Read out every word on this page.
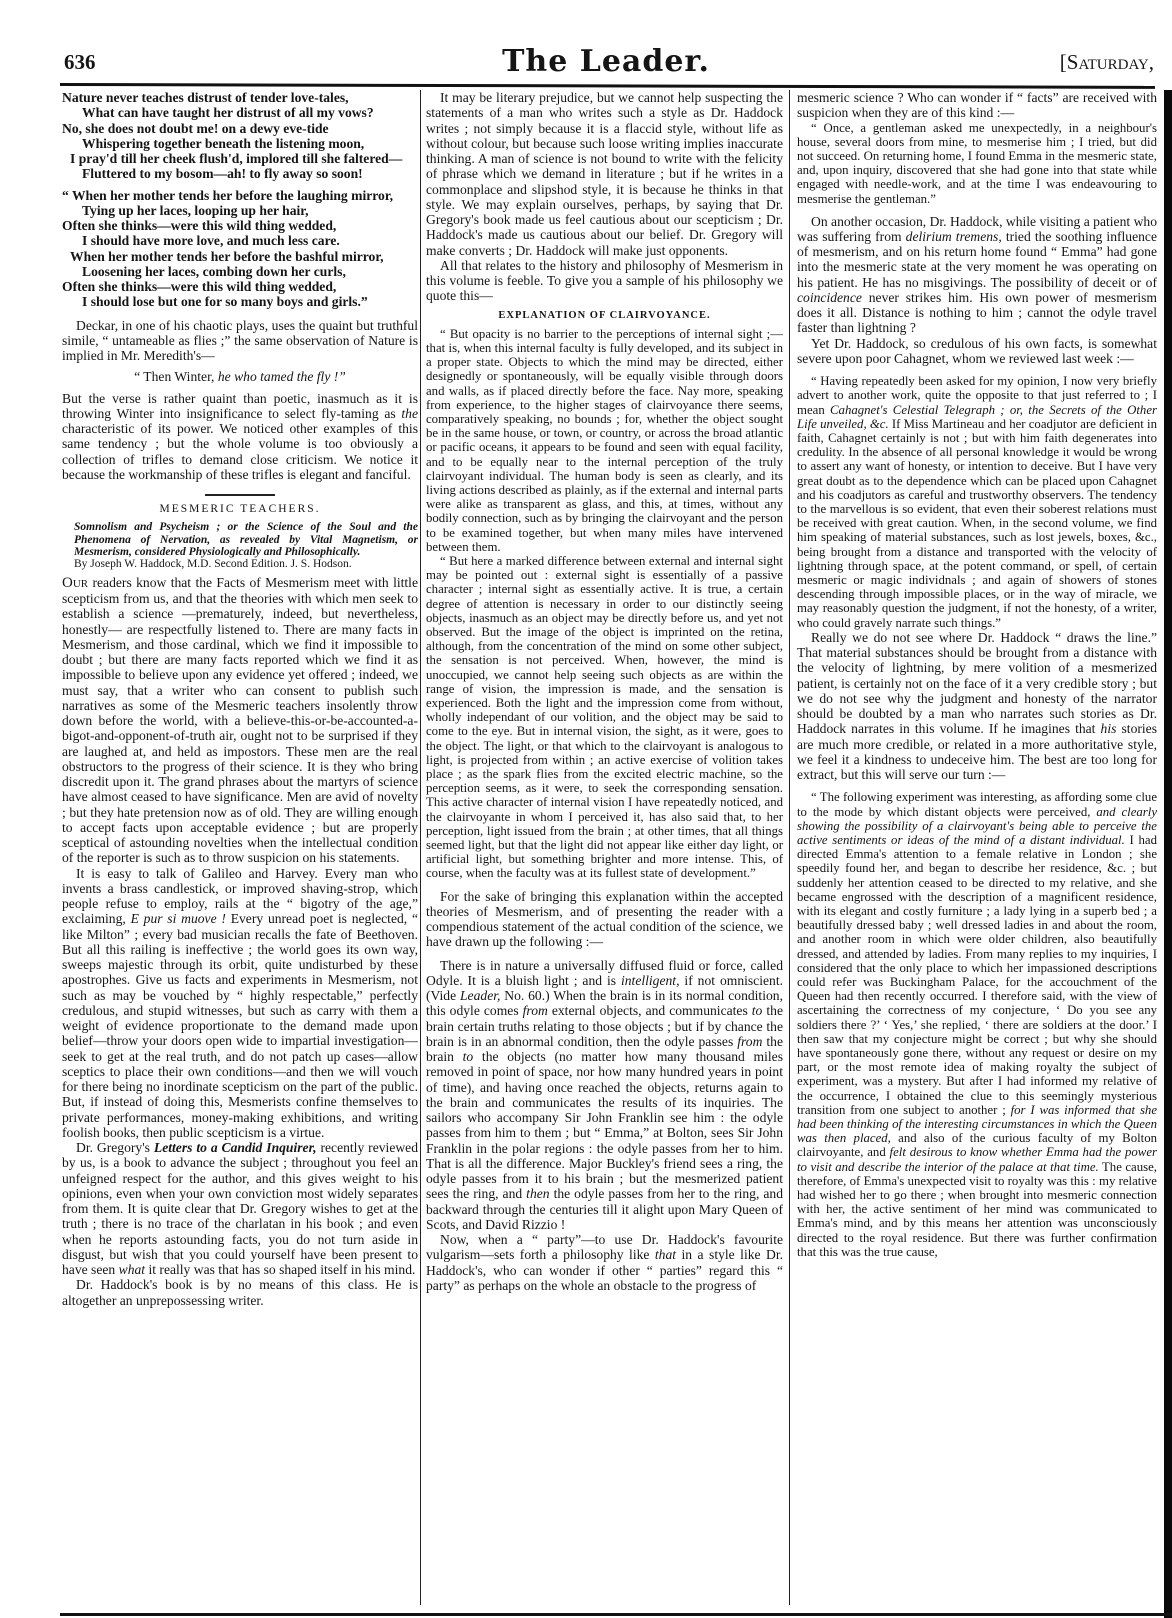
636	The Leader.	[Saturday,
Nature never teaches distrust of tender love-tales,
What can have taught her distrust of all my vows?
No, she does not doubt me! on a dewy eve-tide
Whispering together beneath the listening moon,
I pray'd till her cheek flush'd, implored till she faltered—
Fluttered to my bosom—ah! to fly away so soon!
“ When her mother tends her before the laughing mirror,
Tying up her laces, looping up her hair,
Often she thinks—were this wild thing wedded,
I should have more love, and much less care.
When her mother tends her before the bashful mirror,
Loosening her laces, combing down her curls,
Often she thinks—were this wild thing wedded,
I should lose but one for so many boys and girls.”

Deckar, in one of his chaotic plays, uses the quaint but truthful simile, “ untameable as flies ;” the same observation of Nature is implied in Mr. Meredith's—

“ Then Winter, he who tamed the fly !”

But the verse is rather quaint than poetic, inasmuch as it is throwing Winter into insignificance to select fly-taming as the characteristic of its power. We noticed other examples of this same tendency ; but the whole volume is too obviously a collection of trifles to demand close criticism. We notice it because the workmanship of these trifles is elegant and fanciful.

MESMERIC TEACHERS.
Somnolism and Psycheism ; or the Science of the Soul and the Phenomena of Nervation, as revealed by Vital Magnetism, or Mesmerism, considered Physiologically and Philosophically.
By Joseph W. Haddock, M.D. Second Edition. J. S. Hodson.

Our readers know that the Facts of Mesmerism meet with little scepticism from us, and that the theories with which men seek to establish a science —prematurely, indeed, but nevertheless, honestly— are respectfully listened to. There are many facts in Mesmerism, and those cardinal, which we find it impossible to doubt ; but there are many facts reported which we find it as impossible to believe upon any evidence yet offered ; indeed, we must say, that a writer who can consent to publish such narratives as some of the Mesmeric teachers insolently throw down before the world, with a believe-this-or-be-accounted-a-bigot-and-opponent-of-truth air, ought not to be surprised if they are laughed at, and held as impostors. These men are the real obstructors to the progress of their science. It is they who bring discredit upon it. The grand phrases about the martyrs of science have almost ceased to have significance. Men are avid of novelty ; but they hate pretension now as of old. They are willing enough to accept facts upon acceptable evidence ; but are properly sceptical of astounding novelties when the intellectual condition of the reporter is such as to throw suspicion on his statements.

It is easy to talk of Galileo and Harvey. Every man who invents a brass candlestick, or improved shaving-strop, which people refuse to employ, rails at the “ bigotry of the age,” exclaiming, E pur si muove ! Every unread poet is neglected, “ like Milton” ; every bad musician recalls the fate of Beethoven. But all this railing is ineffective ; the world goes its own way, sweeps majestic through its orbit, quite undisturbed by these apostrophes. Give us facts and experiments in Mesmerism, not such as may be vouched by “ highly respectable,” perfectly credulous, and stupid witnesses, but such as carry with them a weight of evidence proportionate to the demand made upon belief—throw your doors open wide to impartial investigation— seek to get at the real truth, and do not patch up cases—allow sceptics to place their own conditions—and then we will vouch for there being no inordinate scepticism on the part of the public. But, if instead of doing this, Mesmerists confine themselves to private performances, money-making exhibitions, and writing foolish books, then public scepticism is a virtue.

Dr. Gregory's Letters to a Candid Inquirer, recently reviewed by us, is a book to advance the subject ; throughout you feel an unfeigned respect for the author, and this gives weight to his opinions, even when your own conviction most widely separates from them. It is quite clear that Dr. Gregory wishes to get at the truth ; there is no trace of the charlatan in his book ; and even when he reports astounding facts, you do not turn aside in disgust, but wish that you could yourself have been present to have seen what it really was that has so shaped itself in his mind.

Dr. Haddock's book is by no means of this class. He is altogether an unprepossessing writer.

It may be literary prejudice, but we cannot help suspecting the statements of a man who writes such a style as Dr. Haddock writes ; not simply because it is a flaccid style, without life as without colour, but because such loose writing implies inaccurate thinking. A man of science is not bound to write with the felicity of phrase which we demand in literature ; but if he writes in a commonplace and slipshod style, it is because he thinks in that style. We may explain ourselves, perhaps, by saying that Dr. Gregory's book made us feel cautious about our scepticism ; Dr. Haddock's made us cautious about our belief. Dr. Gregory will make converts ; Dr. Haddock will make just opponents.

All that relates to the history and philosophy of Mesmerism in this volume is feeble. To give you a sample of his philosophy we quote this—

EXPLANATION OF CLAIRVOYANCE.

“ But opacity is no barrier to the perceptions of internal sight ;—that is, when this internal faculty is fully developed, and its subject in a proper state. Objects to which the mind may be directed, either designedly or spontaneously, will be equally visible through doors and walls, as if placed directly before the face. Nay more, speaking from experience, to the higher stages of clairvoyance there seems, comparatively speaking, no bounds ; for, whether the object sought be in the same house, or town, or country, or across the broad atlantic or pacific oceans, it appears to be found and seen with equal facility, and to be equally near to the internal perception of the truly clairvoyant individual. The human body is seen as clearly, and its living actions described as plainly, as if the external and internal parts were alike as transparent as glass, and this, at times, without any bodily connection, such as by bringing the clairvoyant and the person to be examined together, but when many miles have intervened between them.

“ But here a marked difference between external and internal sight may be pointed out : external sight is essentially of a passive character ; internal sight as essentially active. It is true, a certain degree of attention is necessary in order to our distinctly seeing objects, inasmuch as an object may be directly before us, and yet not observed. But the image of the object is imprinted on the retina, although, from the concentration of the mind on some other subject, the sensation is not perceived. When, however, the mind is unoccupied, we cannot help seeing such objects as are within the range of vision, the impression is made, and the sensation is experienced. Both the light and the impression come from without, wholly independant of our volition, and the object may be said to come to the eye. But in internal vision, the sight, as it were, goes to the object. The light, or that which to the clairvoyant is analogous to light, is projected from within ; an active exercise of volition takes place ; as the spark flies from the excited electric machine, so the perception seems, as it were, to seek the corresponding sensation. This active character of internal vision I have repeatedly noticed, and the clairvoyante in whom I perceived it, has also said that, to her perception, light issued from the brain ; at other times, that all things seemed light, but that the light did not appear like either day light, or artificial light, but something brighter and more intense. This, of course, when the faculty was at its fullest state of development.”

For the sake of bringing this explanation within the accepted theories of Mesmerism, and of presenting the reader with a compendious statement of the actual condition of the science, we have drawn up the following :—

There is in nature a universally diffused fluid or force, called Odyle. It is a bluish light ; and is intelligent, if not omniscient. (Vide Leader, No. 60.) When the brain is in its normal condition, this odyle comes from external objects, and communicates to the brain certain truths relating to those objects ; but if by chance the brain is in an abnormal condition, then the odyle passes from the brain to the objects (no matter how many thousand miles removed in point of space, nor how many hundred years in point of time), and having once reached the objects, returns again to the brain and communicates the results of its inquiries. The sailors who accompany Sir John Franklin see him : the odyle passes from him to them ; but “ Emma,” at Bolton, sees Sir John Franklin in the polar regions : the odyle passes from her to him. That is all the difference. Major Buckley's friend sees a ring, the odyle passes from it to his brain ; but the mesmerized patient sees the ring, and then the odyle passes from her to the ring, and backward through the centuries till it alight upon Mary Queen of Scots, and David Rizzio !

Now, when a “ party”—to use Dr. Haddock's favourite vulgarism—sets forth a philosophy like that in a style like Dr. Haddock's, who can wonder if other “ parties” regard this “ party” as perhaps on the whole an obstacle to the progress of

mesmeric science ? Who can wonder if “ facts” are received with suspicion when they are of this kind :—

“ Once, a gentleman asked me unexpectedly, in a neighbour's house, several doors from mine, to mesmerise him ; I tried, but did not succeed. On returning home, I found Emma in the mesmeric state, and, upon inquiry, discovered that she had gone into that state while engaged with needle-work, and at the time I was endeavouring to mesmerise the gentleman.”

On another occasion, Dr. Haddock, while visiting a patient who was suffering from delirium tremens, tried the soothing influence of mesmerism, and on his return home found “ Emma” had gone into the mesmeric state at the very moment he was operating on his patient. He has no misgivings. The possibility of deceit or of coincidence never strikes him. His own power of mesmerism does it all. Distance is nothing to him ; cannot the odyle travel faster than lightning ?

Yet Dr. Haddock, so credulous of his own facts, is somewhat severe upon poor Cahagnet, whom we reviewed last week :—

“ Having repeatedly been asked for my opinion, I now very briefly advert to another work, quite the opposite to that just referred to ; I mean Cahagnet's Celestial Telegraph ; or, the Secrets of the Other Life unveiled, &c. If Miss Martineau and her coadjutor are deficient in faith, Cahagnet certainly is not ; but with him faith degenerates into credulity. In the absence of all personal knowledge it would be wrong to assert any want of honesty, or intention to deceive. But I have very great doubt as to the dependence which can be placed upon Cahagnet and his coadjutors as careful and trustworthy observers. The tendency to the marvellous is so evident, that even their soberest relations must be received with great caution. When, in the second volume, we find him speaking of material substances, such as lost jewels, boxes, &c., being brought from a distance and transported with the velocity of lightning through space, at the potent command, or spell, of certain mesmeric or magic individnals ; and again of showers of stones descending through impossible places, or in the way of miracle, we may reasonably question the judgment, if not the honesty, of a writer, who could gravely narrate such things.”

Really we do not see where Dr. Haddock “ draws the line.” That material substances should be brought from a distance with the velocity of lightning, by mere volition of a mesmerized patient, is certainly not on the face of it a very credible story ; but we do not see why the judgment and honesty of the narrator should be doubted by a man who narrates such stories as Dr. Haddock narrates in this volume. If he imagines that his stories are much more credible, or related in a more authoritative style, we feel it a kindness to undeceive him. The best are too long for extract, but this will serve our turn :—

“ The following experiment was interesting, as affording some clue to the mode by which distant objects were perceived, and clearly showing the possibility of a clairvoyant's being able to perceive the active sentiments or ideas of the mind of a distant individual. I had directed Emma's attention to a female relative in London ; she speedily found her, and began to describe her residence, &c. ; but suddenly her attention ceased to be directed to my relative, and she became engrossed with the description of a magnificent residence, with its elegant and costly furniture ; a lady lying in a superb bed ; a beautifully dressed baby ; well dressed ladies in and about the room, and another room in which were older children, also beautifully dressed, and attended by ladies. From many replies to my inquiries, I considered that the only place to which her impassioned descriptions could refer was Buckingham Palace, for the accouchment of the Queen had then recently occurred. I therefore said, with the view of ascertaining the correctness of my conjecture, ‘ Do you see any soldiers there ?’ ‘ Yes,’ she replied, ‘ there are soldiers at the door.’ I then saw that my conjecture might be correct ; but why she should have spontaneously gone there, without any request or desire on my part, or the most remote idea of making royalty the subject of experiment, was a mystery. But after I had informed my relative of the occurrence, I obtained the clue to this seemingly mysterious transition from one subject to another ; for I was informed that she had been thinking of the interesting circumstances in which the Queen was then placed, and also of the curious faculty of my Bolton clairvoyante, and felt desirous to know whether Emma had the power to visit and describe the interior of the palace at that time. The cause, therefore, of Emma's unexpected visit to royalty was this : my relative had wished her to go there ; when brought into mesmeric connection with her, the active sentiment of her mind was communicated to Emma's mind, and by this means her attention was unconsciously directed to the royal residence. But there was further confirmation that this was the true cause,
